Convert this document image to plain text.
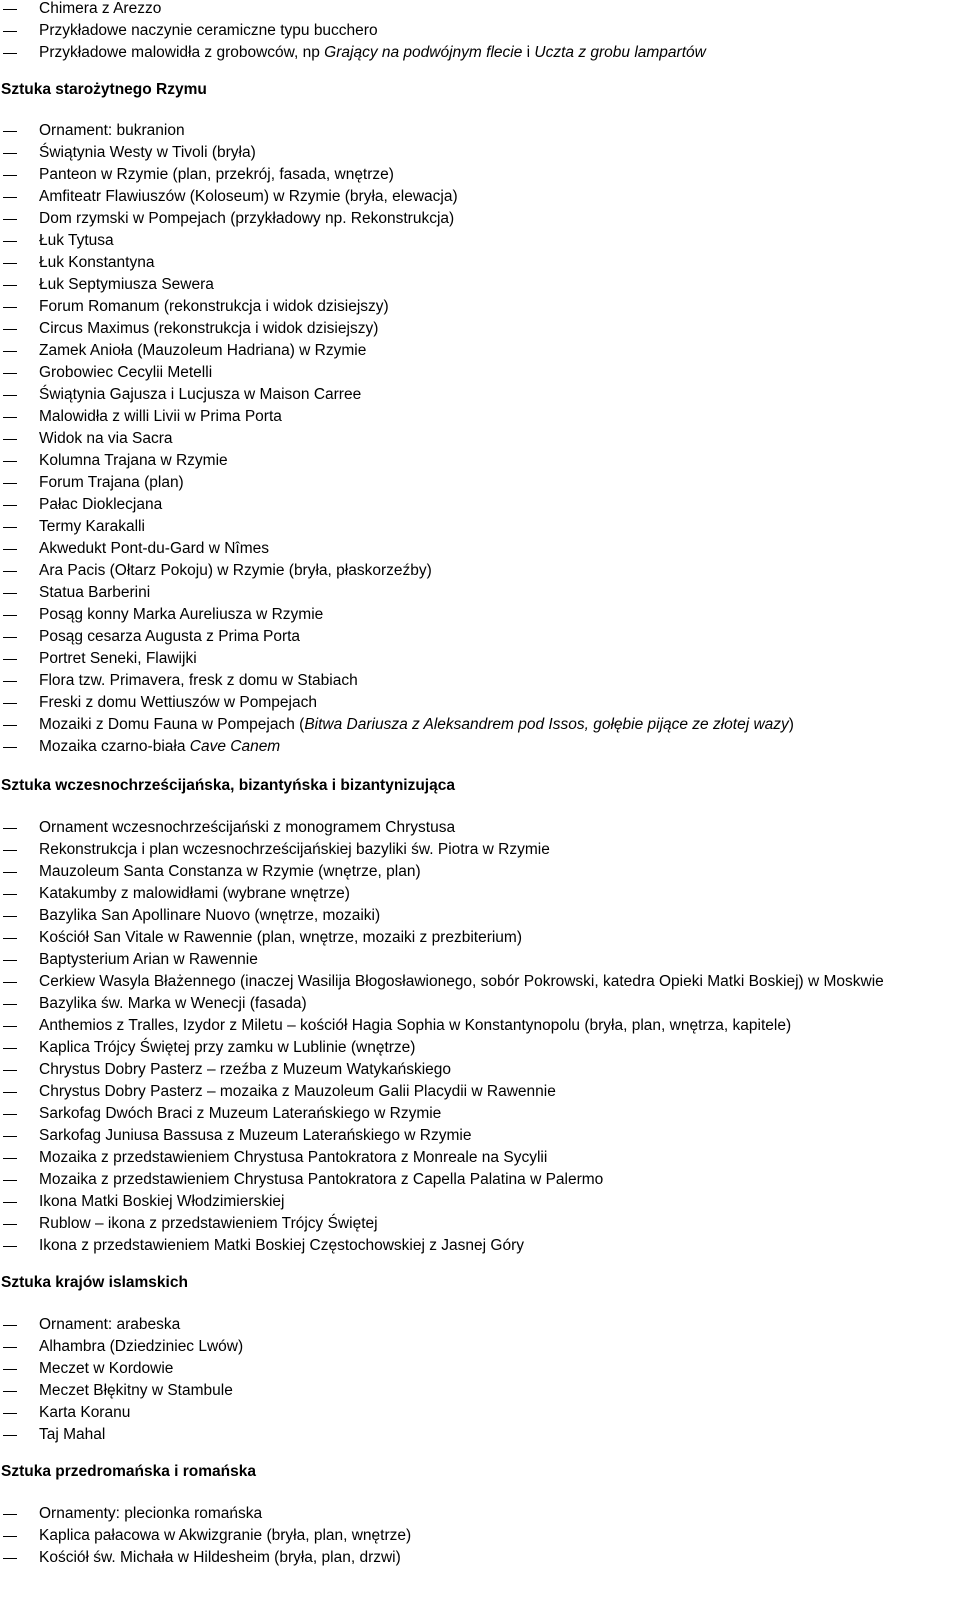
Chimera z Arezzo
Przykładowe naczynie ceramiczne typu bucchero
Przykładowe malowidła z grobowców, np Grający na podwójnym flecie i Uczta z grobu lampartów
Sztuka starożytnego Rzymu
Ornament: bukranion
Świątynia Westy w Tivoli (bryła)
Panteon w Rzymie (plan, przekrój, fasada, wnętrze)
Amfiteatr Flawiuszów (Koloseum) w Rzymie (bryła, elewacja)
Dom rzymski w Pompejach (przykładowy np. Rekonstrukcja)
Łuk Tytusa
Łuk Konstantyna
Łuk Septymiusza Sewera
Forum Romanum (rekonstrukcja i widok dzisiejszy)
Circus Maximus (rekonstrukcja i widok dzisiejszy)
Zamek Anioła (Mauzoleum Hadriana) w Rzymie
Grobowiec Cecylii Metelli
Świątynia Gajusza i Lucjusza w Maison Carree
Malowidła z willi Livii w Prima Porta
Widok na via Sacra
Kolumna Trajana w Rzymie
Forum Trajana (plan)
Pałac Dioklecjana
Termy Karakalli
Akwedukt Pont-du-Gard w Nîmes
Ara Pacis (Ołtarz Pokoju) w Rzymie (bryła, płaskorzeźby)
Statua Barberini
Posąg konny Marka Aureliusza w Rzymie
Posąg cesarza Augusta z Prima Porta
Portret Seneki, Flawijki
Flora tzw. Primavera, fresk z domu w Stabiach
Freski z domu Wettiuszów w Pompejach
Mozaiki z Domu Fauna w Pompejach (Bitwa Dariusza z Aleksandrem pod Issos, gołębie pijące ze złotej wazy)
Mozaika czarno-biała Cave Canem
Sztuka wczesnochrześcijańska, bizantyńska i bizantynizująca
Ornament wczesnochrześcijański z monogramem Chrystusa
Rekonstrukcja i plan wczesnochrześcijańskiej bazyliki św. Piotra w Rzymie
Mauzoleum Santa Constanza w Rzymie (wnętrze, plan)
Katakumby z malowidłami (wybrane wnętrze)
Bazylika San Apollinare Nuovo (wnętrze, mozaiki)
Kościół San Vitale w Rawennie (plan, wnętrze, mozaiki z prezbiterium)
Baptysterium Arian w Rawennie
Cerkiew Wasyla Błażennego (inaczej Wasilija Błogosławionego, sobór Pokrowski, katedra Opieki Matki Boskiej) w Moskwie
Bazylika św. Marka w Wenecji (fasada)
Anthemios z Tralles, Izydor z Miletu – kościół Hagia Sophia w Konstantynopolu (bryła, plan, wnętrza, kapitele)
Kaplica Trójcy Świętej przy zamku w Lublinie (wnętrze)
Chrystus Dobry Pasterz – rzeźba z Muzeum Watykańskiego
Chrystus Dobry Pasterz – mozaika z Mauzoleum Galii Placydii w Rawennie
Sarkofag Dwóch Braci z Muzeum Laterańskiego w Rzymie
Sarkofag Juniusa Bassusa z Muzeum Laterańskiego w Rzymie
Mozaika z przedstawieniem Chrystusa Pantokratora z Monreale na Sycylii
Mozaika z przedstawieniem Chrystusa Pantokratora z Capella Palatina w Palermo
Ikona Matki Boskiej Włodzimierskiej
Rublow – ikona z przedstawieniem Trójcy Świętej
Ikona z przedstawieniem Matki Boskiej Częstochowskiej z Jasnej Góry
Sztuka krajów islamskich
Ornament: arabeska
Alhambra (Dziedziniec Lwów)
Meczet w Kordowie
Meczet Błękitny w Stambule
Karta Koranu
Taj Mahal
Sztuka przedromańska i romańska
Ornamenty: plecionka romańska
Kaplica pałacowa w Akwizgranie (bryła, plan, wnętrze)
Kościół św. Michała w Hildesheim (bryła, plan, drzwi)
